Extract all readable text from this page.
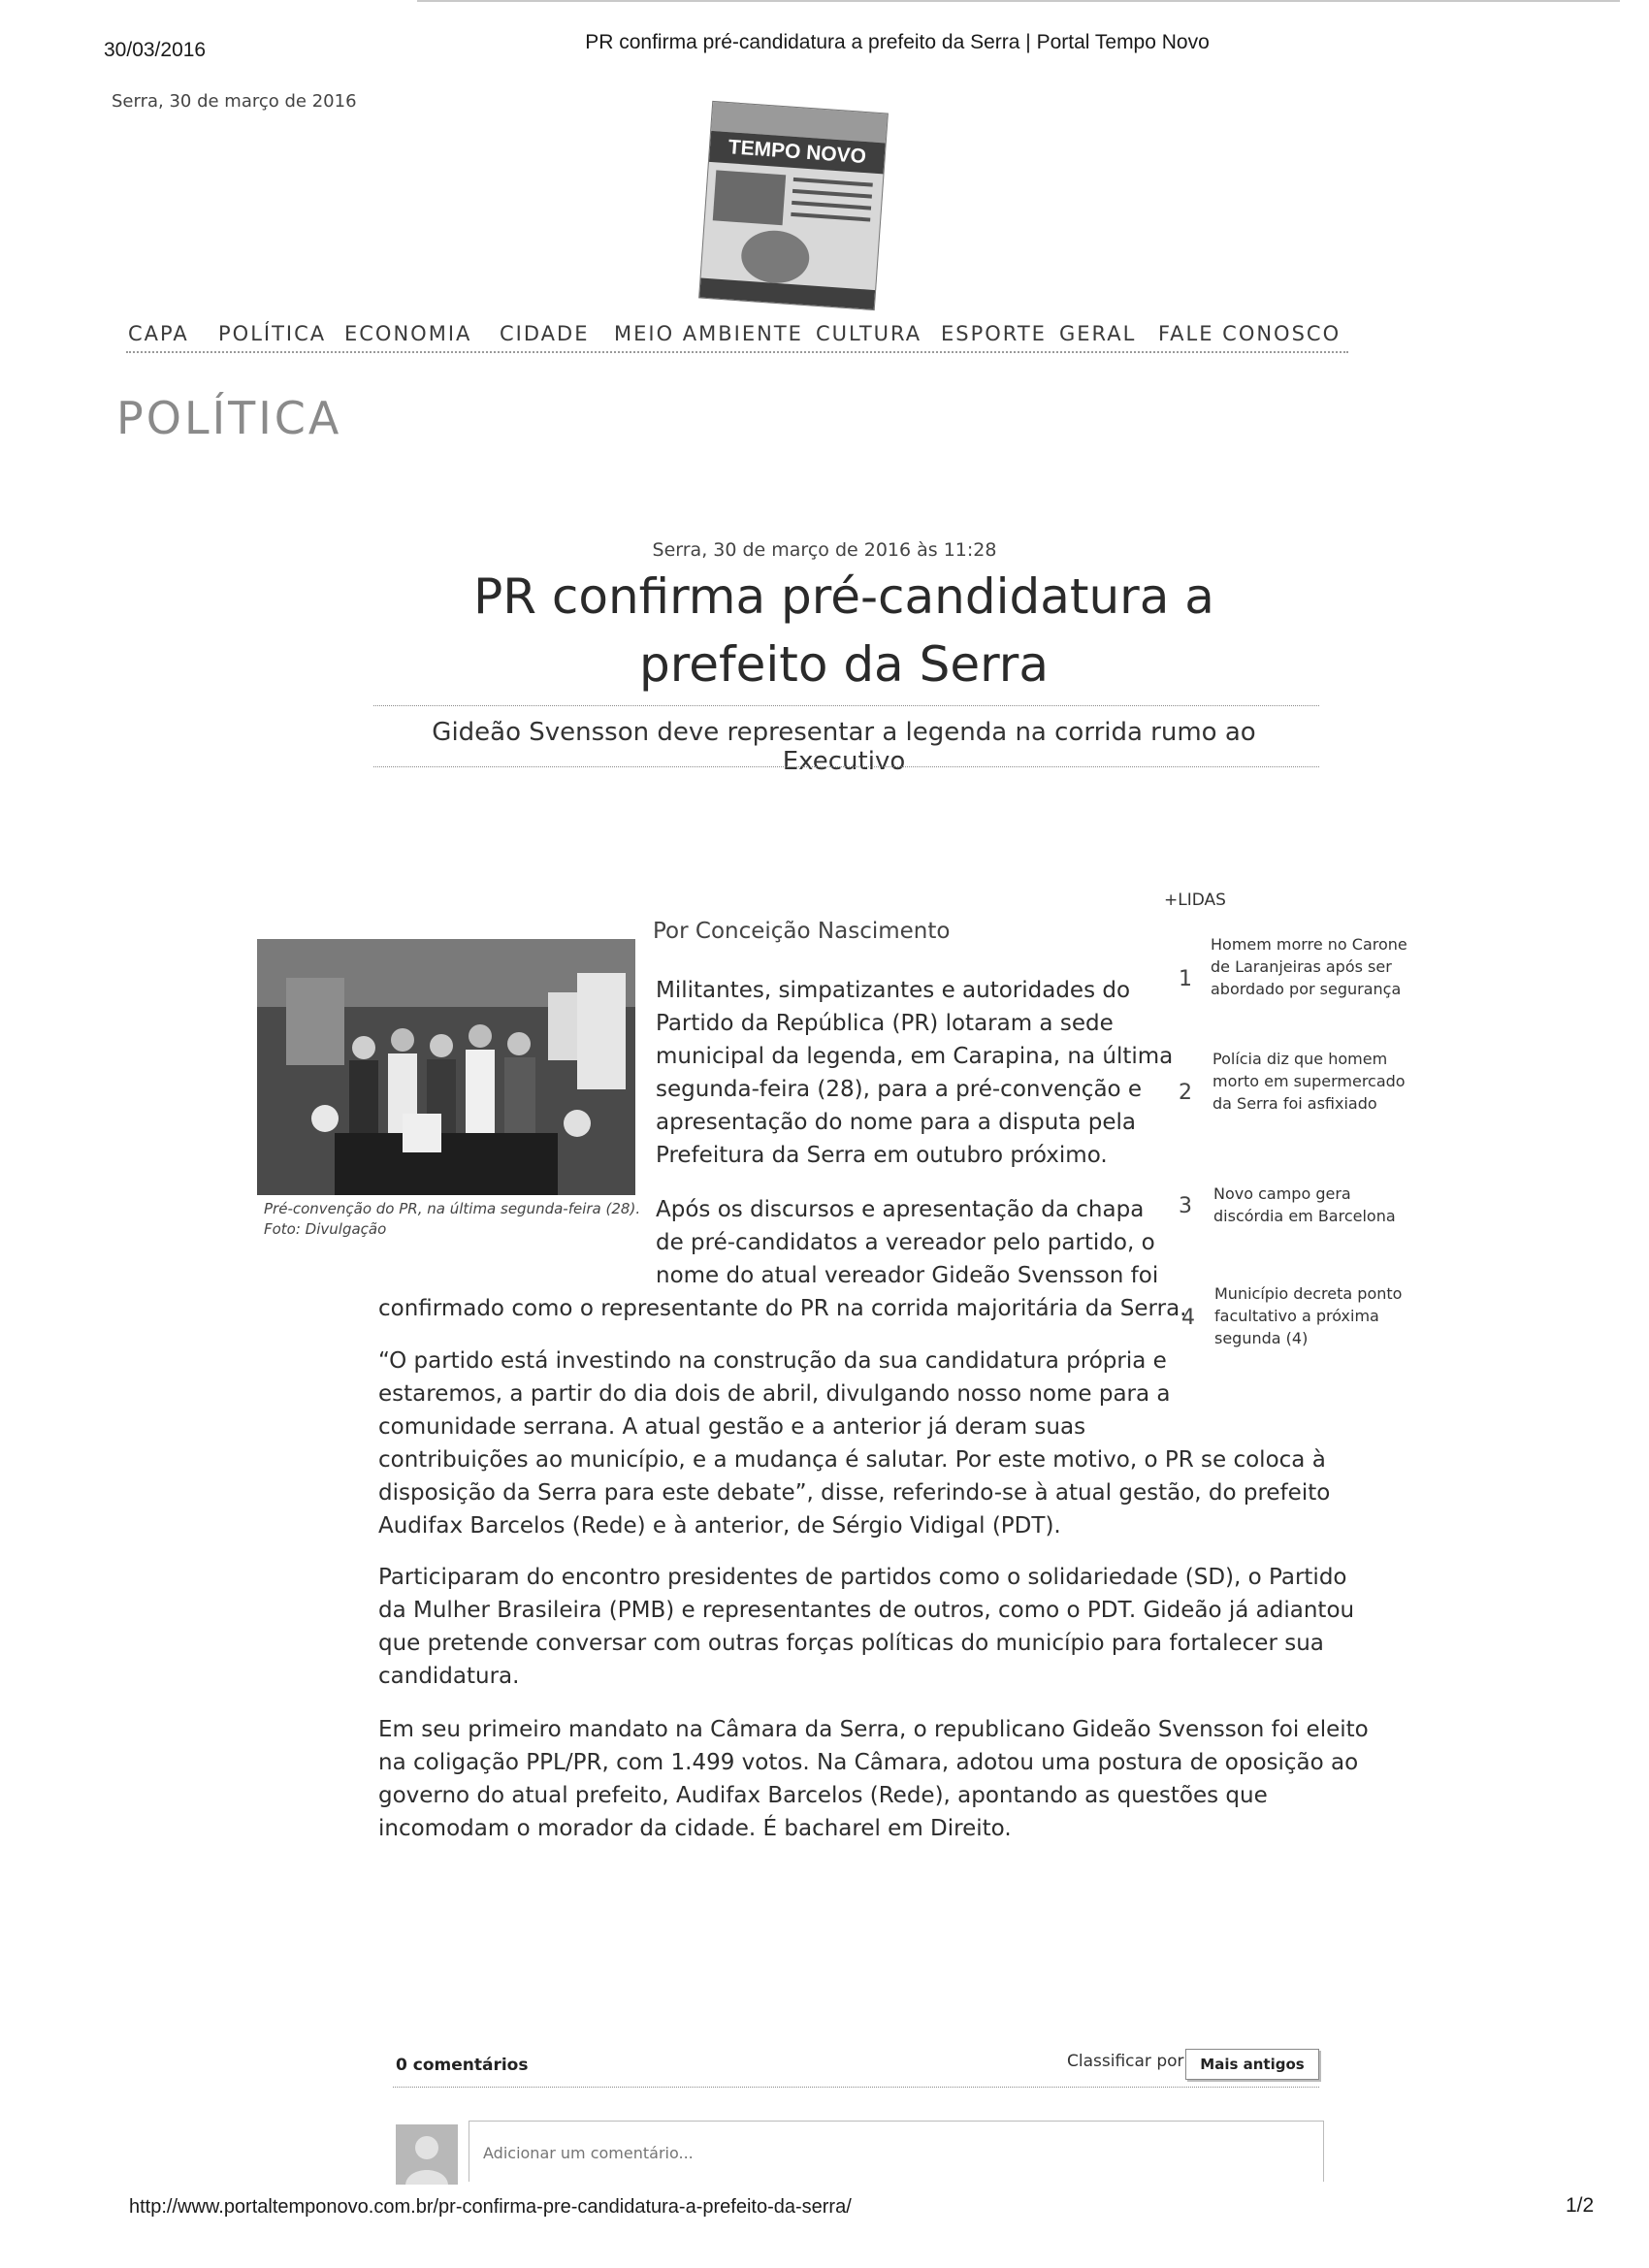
30/03/2016	PR confirma pré-candidatura a prefeito da Serra | Portal Tempo Novo
Serra, 30 de março de 2016
TEMPO NOVO
CAPA POLÍTICA ECONOMIA CIDADE MEIO AMBIENTE CULTURA ESPORTE GERAL FALE CONOSCO
POLÍTICA
Serra, 30 de março de 2016 às 11:28
PR confirma pré-candidatura a
prefeito da Serra
Gideão Svensson deve representar a legenda na corrida rumo ao Executivo
Pré-convenção do PR, na última segunda-feira (28). Foto: Divulgação
Por Conceição Nascimento
Militantes, simpatizantes e autoridades do
Partido da República (PR) lotaram a sede
municipal da legenda, em Carapina, na última
segunda-feira (28), para a pré-convenção e
apresentação do nome para a disputa pela
Prefeitura da Serra em outubro próximo.
Após os discursos e apresentação da chapa
de pré-candidatos a vereador pelo partido, o
nome do atual vereador Gideão Svensson foi
confirmado como o representante do PR na corrida majoritária da Serra.
“O partido está investindo na construção da sua candidatura própria e
estaremos, a partir do dia dois de abril, divulgando nosso nome para a
comunidade serrana. A atual gestão e a anterior já deram suas
contribuições ao município, e a mudança é salutar. Por este motivo, o PR se coloca à
disposição da Serra para este debate”, disse, referindo-se à atual gestão, do prefeito
Audifax Barcelos (Rede) e à anterior, de Sérgio Vidigal (PDT).
Participaram do encontro presidentes de partidos como o solidariedade (SD), o Partido
da Mulher Brasileira (PMB) e representantes de outros, como o PDT. Gideão já adiantou
que pretende conversar com outras forças políticas do município para fortalecer sua
candidatura.
Em seu primeiro mandato na Câmara da Serra, o republicano Gideão Svensson foi eleito
na coligação PPL/PR, com 1.499 votos. Na Câmara, adotou uma postura de oposição ao
governo do atual prefeito, Audifax Barcelos (Rede), apontando as questões que
incomodam o morador da cidade. É bacharel em Direito.
+LIDAS
1
Homem morre no Carone de Laranjeiras após ser abordado por segurança
2
Polícia diz que homem morto em supermercado da Serra foi asfixiado
3
Novo campo gera discórdia em Barcelona
4
Município decreta ponto facultativo a próxima segunda (4)
0 comentários	Classificar por	Mais antigos
Adicionar um comentário...
http://www.portaltemponovo.com.br/pr-confirma-pre-candidatura-a-prefeito-da-serra/	1/2
